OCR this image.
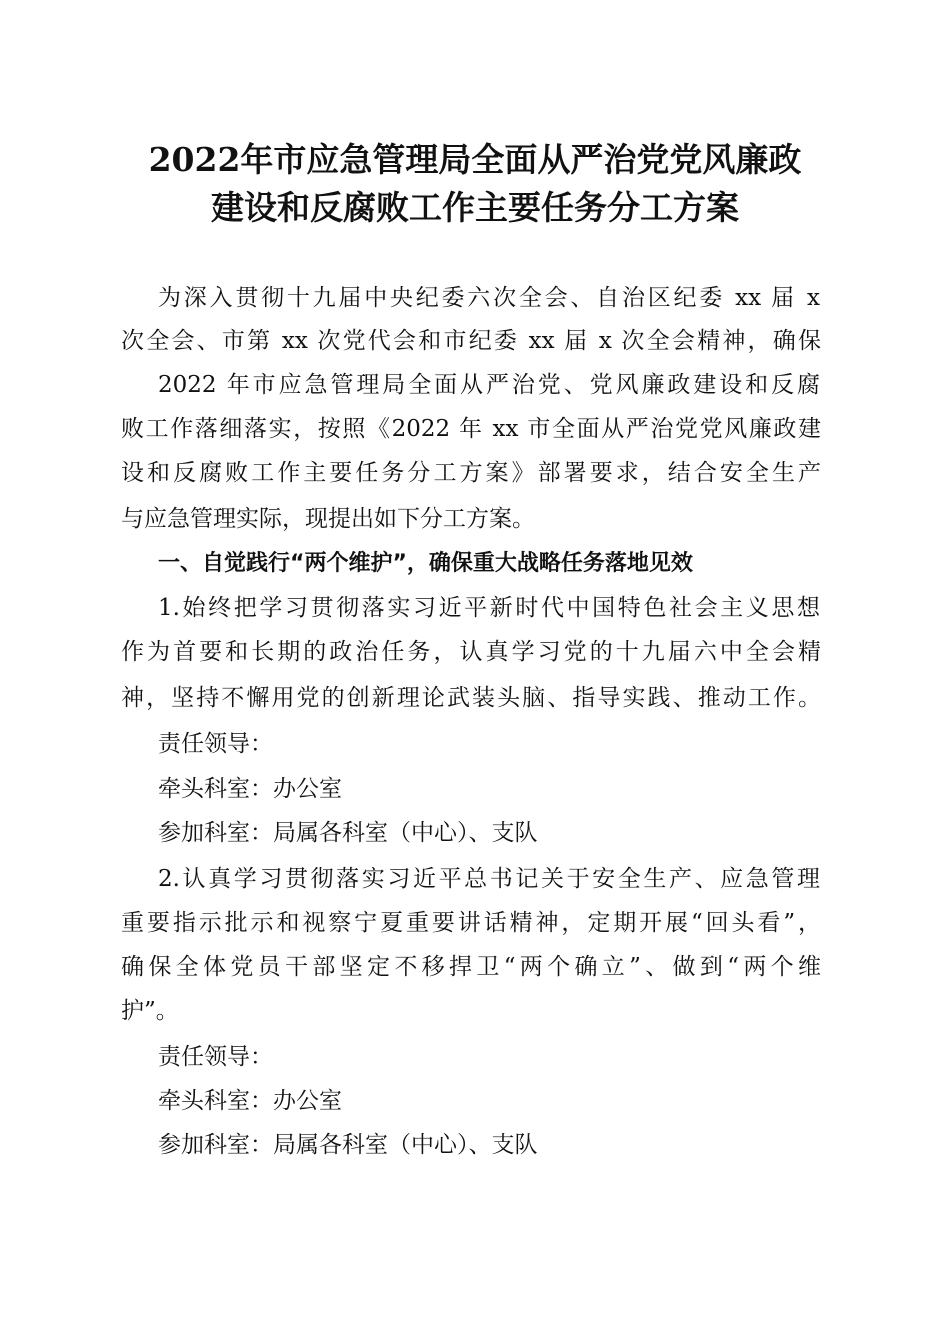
2022年市应急管理局全面从严治党党风廉政
建设和反腐败工作主要任务分工方案
为深入贯彻十九届中央纪委六次全会、自治区纪委 xx 届 x
次全会、市第 xx 次党代会和市纪委 xx 届 x 次全会精神，确保
2022 年市应急管理局全面从严治党、党风廉政建设和反腐
败工作落细落实，按照《2022 年 xx 市全面从严治党党风廉政建
设和反腐败工作主要任务分工方案》部署要求，结合安全生产
与应急管理实际，现提出如下分工方案。
一、自觉践行“两个维护”，确保重大战略任务落地见效
1.始终把学习贯彻落实习近平新时代中国特色社会主义思想
作为首要和长期的政治任务，认真学习党的十九届六中全会精
神，坚持不懈用党的创新理论武装头脑、指导实践、推动工作。
责任领导：
牵头科室：办公室
参加科室：局属各科室（中心）、支队
2.认真学习贯彻落实习近平总书记关于安全生产、应急管理
重要指示批示和视察宁夏重要讲话精神，定期开展“回头看”，
确保全体党员干部坚定不移捍卫“两个确立”、做到“两个维
护”。
责任领导：
牵头科室：办公室
参加科室：局属各科室（中心）、支队
